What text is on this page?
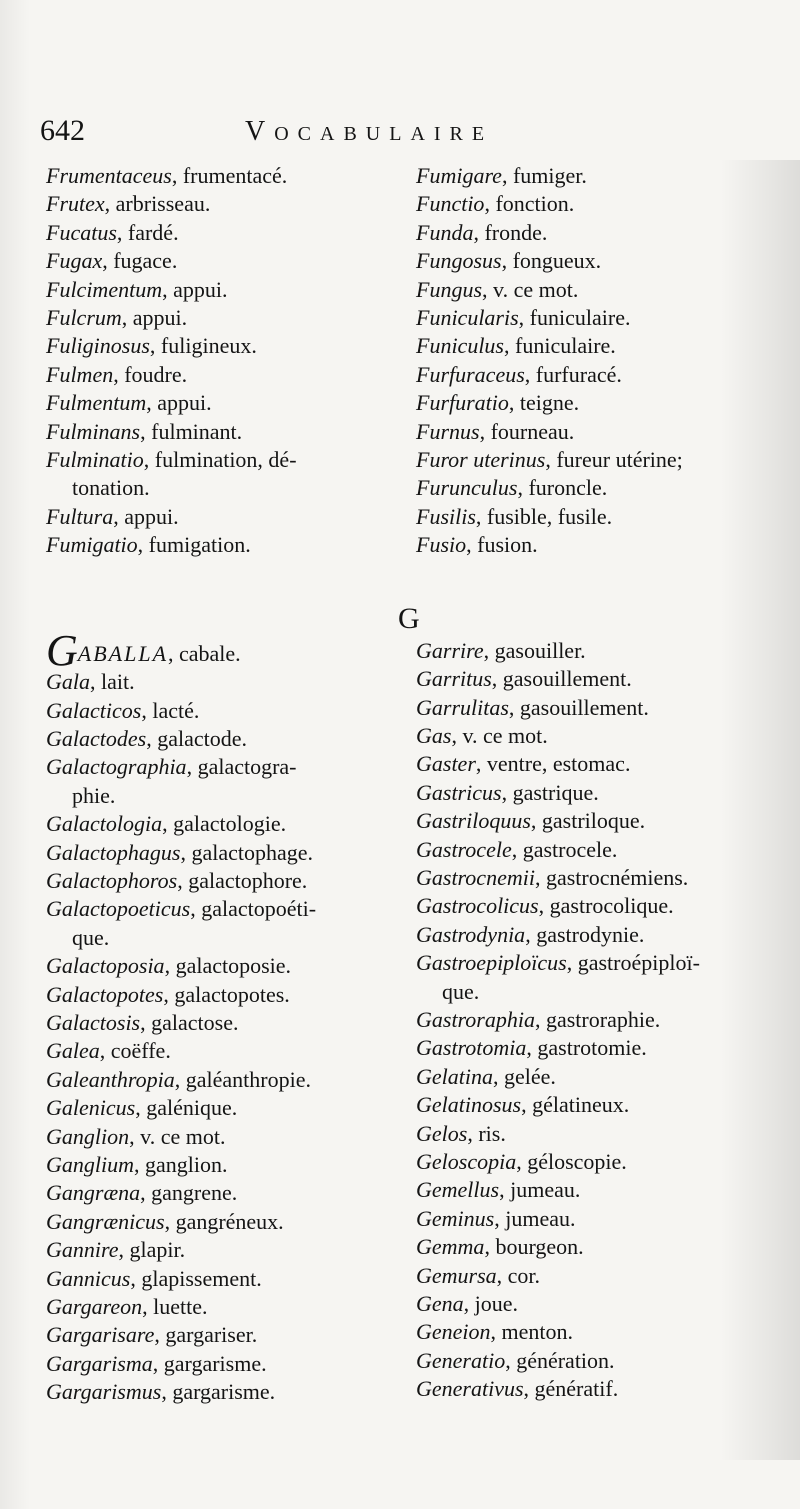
642	Vocabulaire
Frumentaceus, frumentacé.
Frutex, arbrisseau.
Fucatus, fardé.
Fugax, fugace.
Fulcimentum, appui.
Fulcrum, appui.
Fuliginosus, fuligineux.
Fulmen, foudre.
Fulmentum, appui.
Fulminans, fulminant.
Fulminatio, fulmination, dé-
tonation.
Fultura, appui.
Fumigatio, fumigation.
GABALLA, cabale.
Gala, lait.
Galacticos, lacté.
Galactodes, galactode.
Galactographia, galactogra-
phie.
Galactologia, galactologie.
Galactophagus, galactophage.
Galactophoros, galactophore.
Galactopoeticus, galactopoéti-
que.
Galactoposia, galactoposie.
Galactopotes, galactopotes.
Galactosis, galactose.
Galea, coëffe.
Galeanthropia, galéanthropie.
Galenicus, galénique.
Ganglion, v. ce mot.
Ganglium, ganglion.
Gangræna, gangrene.
Gangrænicus, gangréneux.
Gannire, glapir.
Gannicus, glapissement.
Gargareon, luette.
Gargarisare, gargariser.
Gargarisma, gargarisme.
Gargarismus, gargarisme.
G
Fumigare, fumiger.
Functio, fonction.
Funda, fronde.
Fungosus, fongueux.
Fungus, v. ce mot.
Funicularis, funiculaire.
Funiculus, funiculaire.
Furfuraceus, furfuracé.
Furfuratio, teigne.
Furnus, fourneau.
Furor uterinus, fureur utérine;
Furunculus, furoncle.
Fusilis, fusible, fusile.
Fusio, fusion.
Garrire, gasouiller.
Garritus, gasouillement.
Garrulitas, gasouillement.
Gas, v. ce mot.
Gaster, ventre, estomac.
Gastricus, gastrique.
Gastriloquus, gastriloque.
Gastrocele, gastrocele.
Gastrocnemii, gastrocnémiens.
Gastrocolicus, gastrocolique.
Gastrodynia, gastrodynie.
Gastroepiploïcus, gastroépiploï-
que.
Gastroraphia, gastroraphie.
Gastrotomia, gastrotomie.
Gelatina, gelée.
Gelatinosus, gélatineux.
Gelos, ris.
Geloscopia, géloscopie.
Gemellus, jumeau.
Geminus, jumeau.
Gemma, bourgeon.
Gemursa, cor.
Gena, joue.
Geneion, menton.
Generatio, génération.
Generativus, génératif.
